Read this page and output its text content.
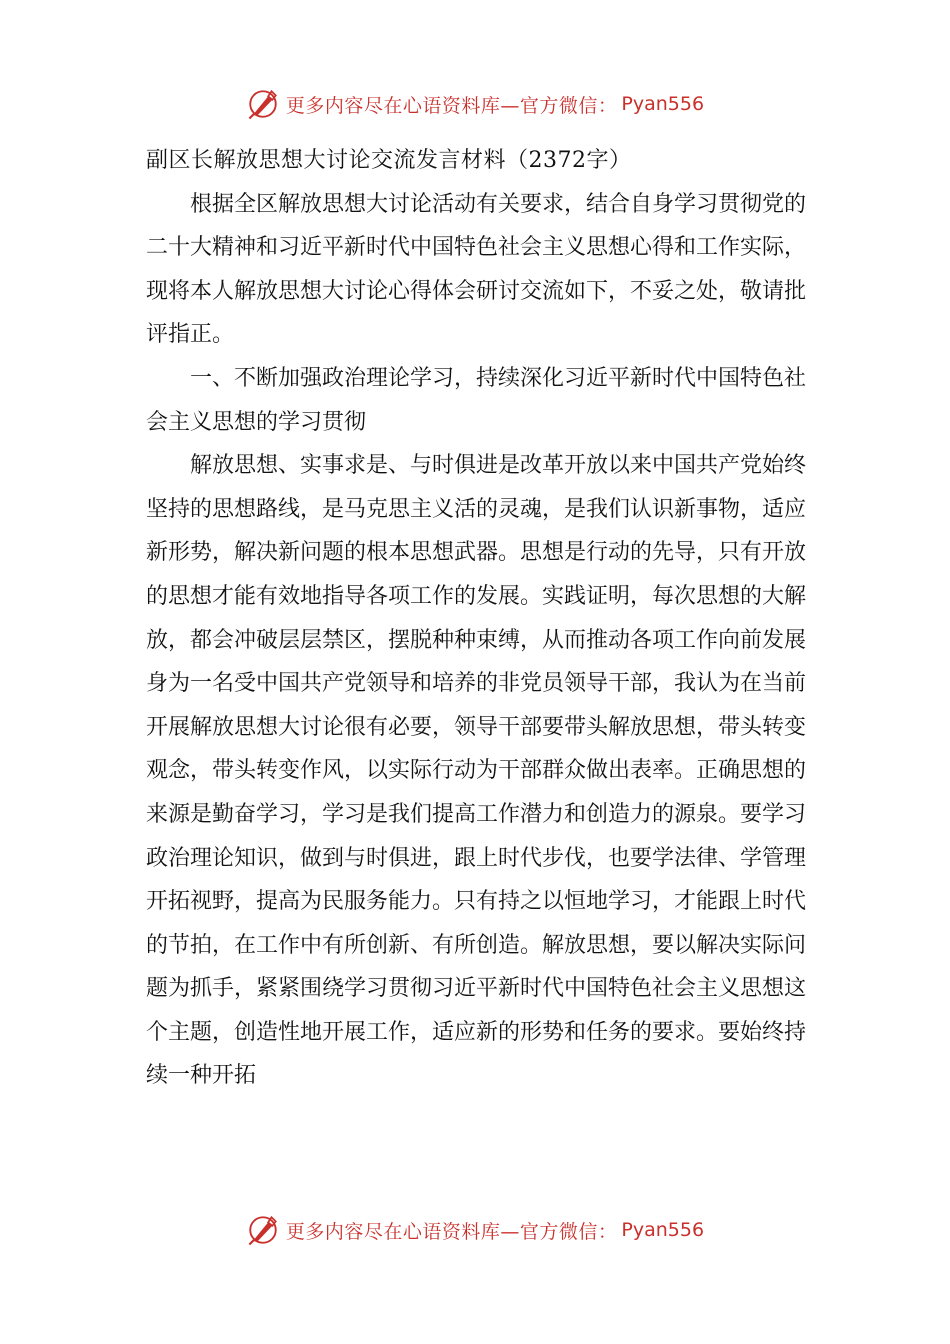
更多内容尽在心语资料库—官方微信： Pyan556

副区长解放思想大讨论交流发言材料（2372字）

根据全区解放思想大讨论活动有关要求，结合自身学习贯彻党的二十大精神和习近平新时代中国特色社会主义思想心得和工作实际，现将本人解放思想大讨论心得体会研讨交流如下，不妥之处，敬请批评指正。

一、不断加强政治理论学习，持续深化习近平新时代中国特色社会主义思想的学习贯彻

解放思想、实事求是、与时俱进是改革开放以来中国共产党始终坚持的思想路线，是马克思主义活的灵魂，是我们认识新事物，适应新形势，解决新问题的根本思想武器。思想是行动的先导，只有开放的思想才能有效地指导各项工作的发展。实践证明，每次思想的大解放，都会冲破层层禁区，摆脱种种束缚，从而推动各项工作向前发展身为一名受中国共产党领导和培养的非党员领导干部，我认为在当前开展解放思想大讨论很有必要，领导干部要带头解放思想，带头转变观念，带头转变作风，以实际行动为干部群众做出表率。正确思想的来源是勤奋学习，学习是我们提高工作潜力和创造力的源泉。要学习政治理论知识，做到与时俱进，跟上时代步伐，也要学法律、学管理开拓视野，提高为民服务能力。只有持之以恒地学习，才能跟上时代的节拍，在工作中有所创新、有所创造。解放思想，要以解决实际问题为抓手，紧紧围绕学习贯彻习近平新时代中国特色社会主义思想这个主题，创造性地开展工作，适应新的形势和任务的要求。要始终持续一种开拓

更多内容尽在心语资料库—官方微信： Pyan556
